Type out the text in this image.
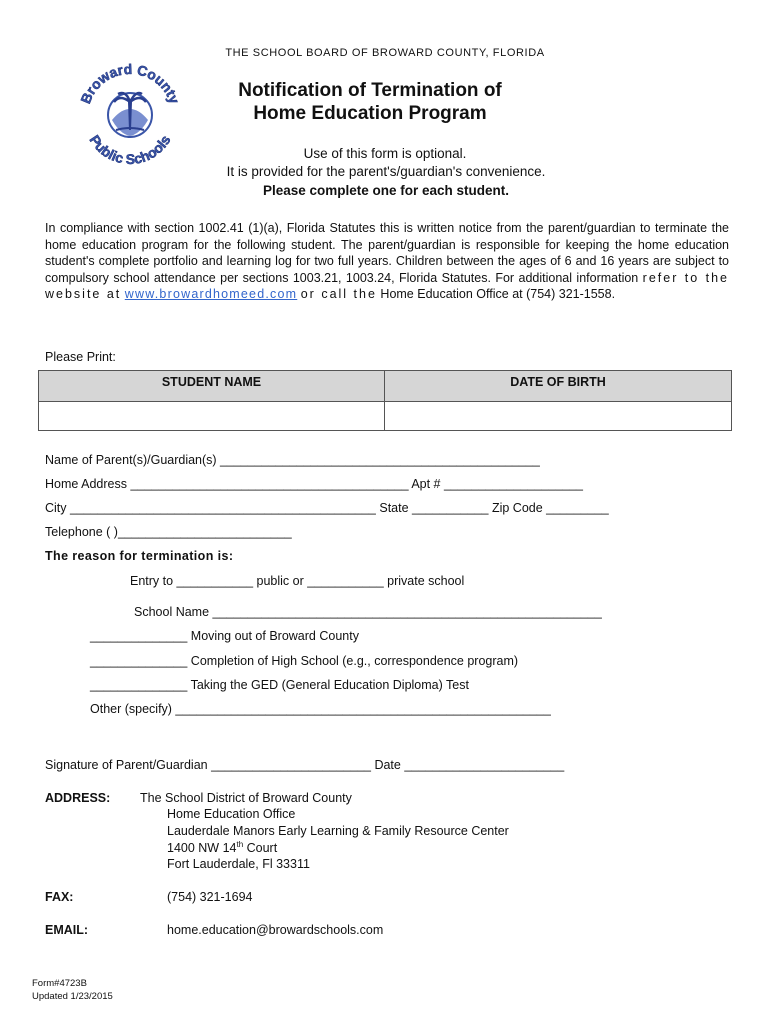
Broward County
Public Schools
THE SCHOOL BOARD OF BROWARD COUNTY, FLORIDA
Notification of Termination of
Home Education Program
Use of this form is optional.
It is provided for the parent's/guardian's convenience.
Please complete one for each student.
In compliance with section 1002.41 (1)(a), Florida Statutes this is written notice from the parent/guardian to terminate the home education program for the following student. The parent/guardian is responsible for keeping the home education student's complete portfolio and learning log for two full years. Children between the ages of 6 and 16 years are subject to compulsory school attendance per sections 1003.21, 1003.24, Florida Statutes. For additional information refer to the website at www.browardhomeed.com or call the Home Education Office at (754) 321-1558.
Please Print:
STUDENT NAME	DATE OF BIRTH

Name of Parent(s)/Guardian(s) ______________________________________________
Home Address ________________________________________ Apt # ____________________
City ____________________________________________ State ___________ Zip Code _________
Telephone ( )_________________________
The reason for termination is:
Entry to ___________ public or ___________ private school
School Name ________________________________________________________
______________ Moving out of Broward County
______________ Completion of High School (e.g., correspondence program)
______________ Taking the GED (General Education Diploma) Test
Other (specify) ______________________________________________________
Signature of Parent/Guardian _______________________ Date _______________________
ADDRESS: The School District of Broward County
Home Education Office
Lauderdale Manors Early Learning & Family Resource Center
1400 NW 14th Court
Fort Lauderdale, Fl 33311
FAX:	(754) 321-1694
EMAIL:	home.education@browardschools.com
Form#4723B
Updated 1/23/2015
